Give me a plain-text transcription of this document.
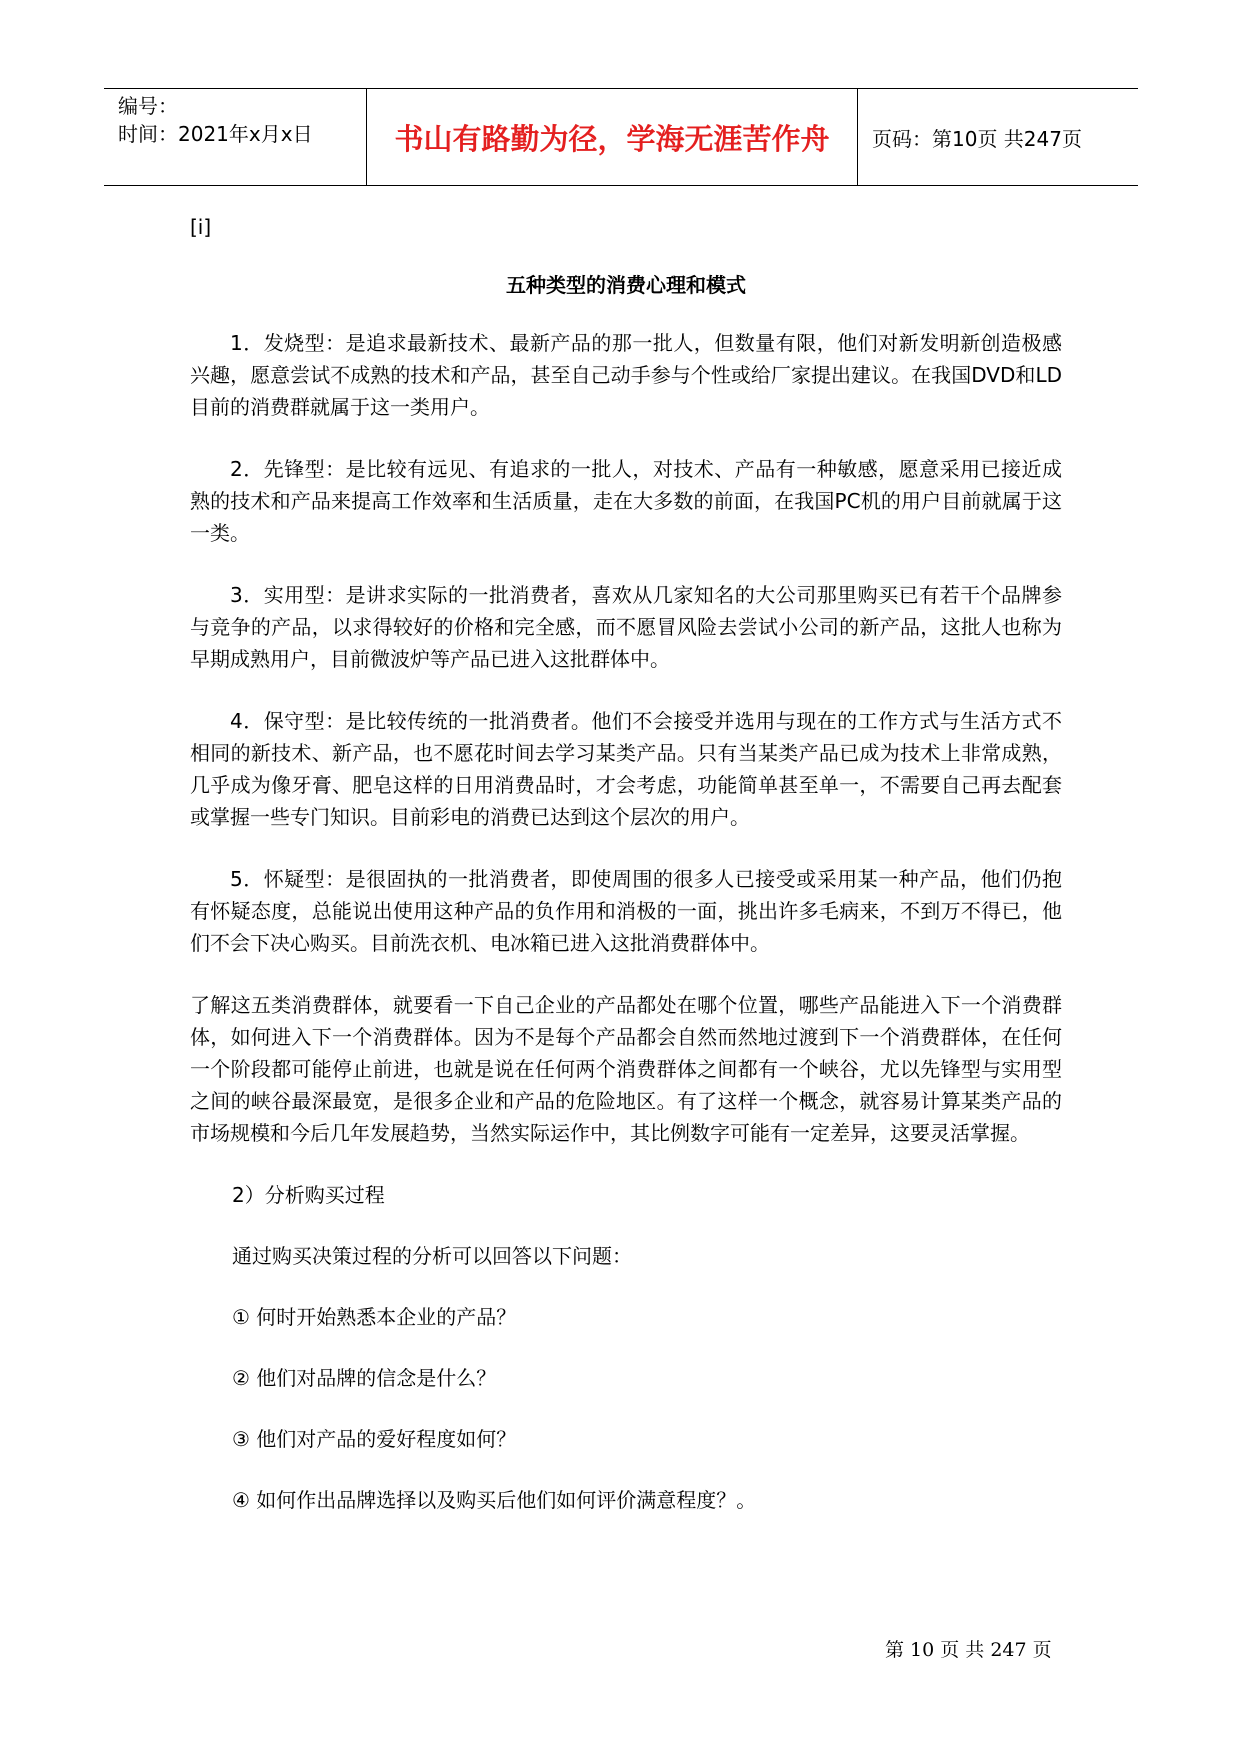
编号：
时间：2021年x月x日	书山有路勤为径，学海无涯苦作舟	页码：第10页 共247页
[i]
五种类型的消费心理和模式

1．发烧型：是追求最新技术、最新产品的那一批人，但数量有限，他们对新发明新创造极感兴趣，愿意尝试不成熟的技术和产品，甚至自己动手参与个性或给厂家提出建议。在我国DVD和LD目前的消费群就属于这一类用户。

2．先锋型：是比较有远见、有追求的一批人，对技术、产品有一种敏感，愿意采用已接近成熟的技术和产品来提高工作效率和生活质量，走在大多数的前面，在我国PC机的用户目前就属于这一类。

3．实用型：是讲求实际的一批消费者，喜欢从几家知名的大公司那里购买已有若干个品牌参与竞争的产品，以求得较好的价格和完全感，而不愿冒风险去尝试小公司的新产品，这批人也称为早期成熟用户，目前微波炉等产品已进入这批群体中。

4．保守型：是比较传统的一批消费者。他们不会接受并选用与现在的工作方式与生活方式不相同的新技术、新产品，也不愿花时间去学习某类产品。只有当某类产品已成为技术上非常成熟，几乎成为像牙膏、肥皂这样的日用消费品时，才会考虑，功能简单甚至单一，不需要自己再去配套或掌握一些专门知识。目前彩电的消费已达到这个层次的用户。

5．怀疑型：是很固执的一批消费者，即使周围的很多人已接受或采用某一种产品，他们仍抱有怀疑态度，总能说出使用这种产品的负作用和消极的一面，挑出许多毛病来，不到万不得已，他们不会下决心购买。目前洗衣机、电冰箱已进入这批消费群体中。

了解这五类消费群体，就要看一下自己企业的产品都处在哪个位置，哪些产品能进入下一个消费群体，如何进入下一个消费群体。因为不是每个产品都会自然而然地过渡到下一个消费群体，在任何一个阶段都可能停止前进，也就是说在任何两个消费群体之间都有一个峡谷，尤以先锋型与实用型之间的峡谷最深最宽，是很多企业和产品的危险地区。有了这样一个概念，就容易计算某类产品的市场规模和今后几年发展趋势，当然实际运作中，其比例数字可能有一定差异，这要灵活掌握。

2）分析购买过程

通过购买决策过程的分析可以回答以下问题：

① 何时开始熟悉本企业的产品？

② 他们对品牌的信念是什么？

③ 他们对产品的爱好程度如何？

④ 如何作出品牌选择以及购买后他们如何评价满意程度？。

第 10 页 共 247 页
